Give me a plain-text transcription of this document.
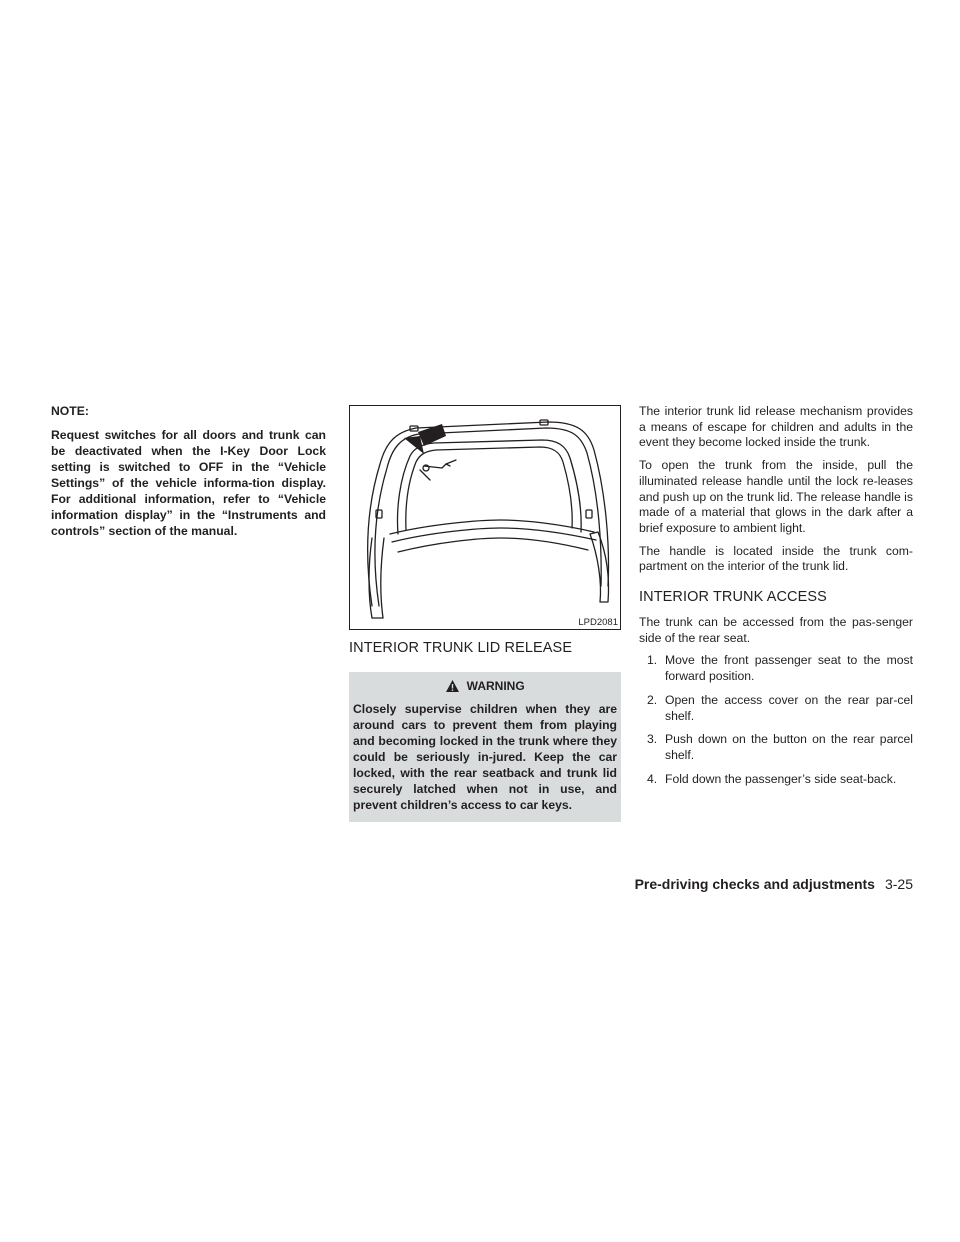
NOTE:

Request switches for all doors and trunk can be deactivated when the I-Key Door Lock setting is switched to OFF in the “Vehicle Settings” of the vehicle informa-tion display. For additional information, refer to “Vehicle information display” in the “Instruments and controls” section of the manual.

LPD2081
INTERIOR TRUNK LID RELEASE
WARNING

Closely supervise children when they are around cars to prevent them from playing and becoming locked in the trunk where they could be seriously in-jured. Keep the car locked, with the rear seatback and trunk lid securely latched when not in use, and prevent children’s access to car keys.

The interior trunk lid release mechanism provides a means of escape for children and adults in the event they become locked inside the trunk.

To open the trunk from the inside, pull the illuminated release handle until the lock re-leases and push up on the trunk lid. The release handle is made of a material that glows in the dark after a brief exposure to ambient light.

The handle is located inside the trunk com-partment on the interior of the trunk lid.

INTERIOR TRUNK ACCESS

The trunk can be accessed from the pas-senger side of the rear seat.

1. Move the front passenger seat to the most forward position.
2. Open the access cover on the rear par-cel shelf.
3. Push down on the button on the rear parcel shelf.
4. Fold down the passenger’s side seat-back.
Pre-driving checks and adjustments 3-25
